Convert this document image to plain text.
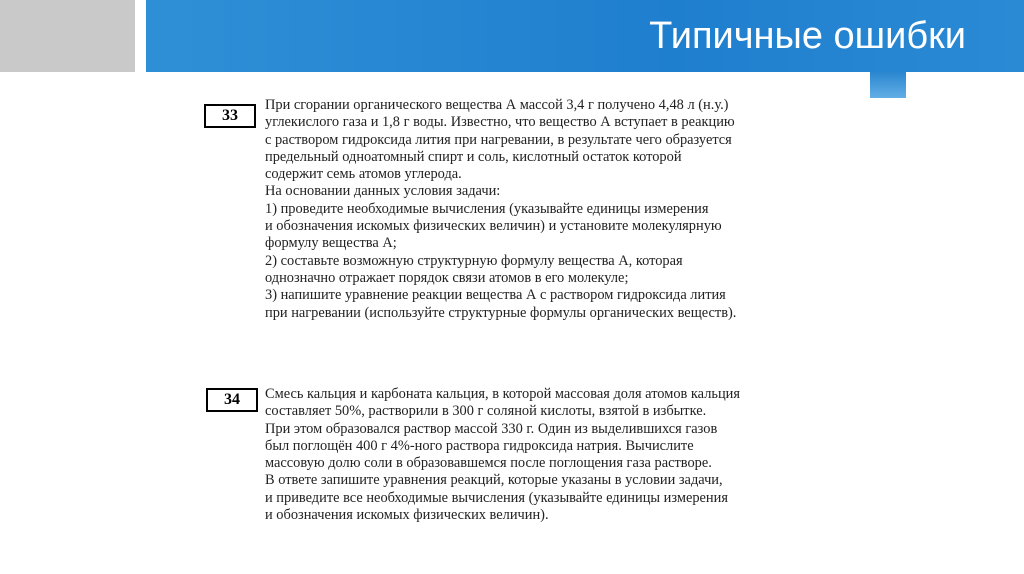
Типичные ошибки
33

При сгорании органического вещества А массой 3,4 г получено 4,48 л (н.у.)

углекислого газа и 1,8 г воды. Известно, что вещество А вступает в реакцию

с раствором гидроксида лития при нагревании, в результате чего образуется

предельный одноатомный спирт и соль, кислотный остаток которой

содержит семь атомов углерода.

На основании данных условия задачи:

1) проведите необходимые вычисления (указывайте единицы измерения

и обозначения искомых физических величин) и установите молекулярную

формулу вещества А;

2) составьте возможную структурную формулу вещества А, которая

однозначно отражает порядок связи атомов в его молекуле;

3) напишите уравнение реакции вещества А с раствором гидроксида лития

при нагревании (используйте структурные формулы органических веществ).

34	Смесь кальция и карбоната кальция, в которой массовая доля атомов кальция

составляет 50%, растворили в 300 г соляной кислоты, взятой в избытке.

При этом образовался раствор массой 330 г. Один из выделившихся газов

был поглощён 400 г 4%-ного раствора гидроксида натрия. Вычислите

массовую долю соли в образовавшемся после поглощения газа растворе.

В ответе запишите уравнения реакций, которые указаны в условии задачи,

и приведите все необходимые вычисления (указывайте единицы измерения

и обозначения искомых физических величин).
